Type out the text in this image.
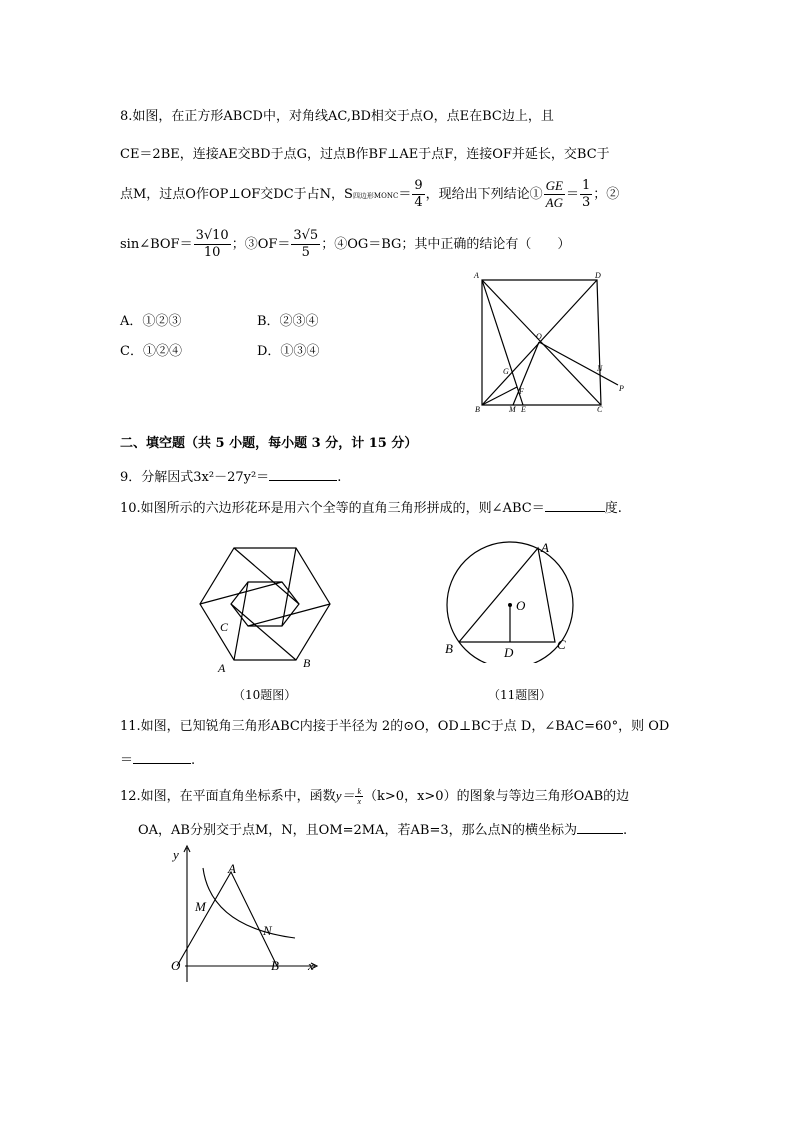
8.如图，在正方形ABCD中，对角线AC,BD相交于点O，点E在BC边上，且
CE＝2BE，连接AE交BD于点G，过点B作BF⊥AE于点F，连接OF并延长，交BC于
点M，过点O作OP⊥OF交DC于占N，S四边形MONC＝ $\frac{9}{4}$ ，现给出下列结论① $\frac{GE}{AG} = \frac{1}{3}$ ；②
sin∠BOF＝ $\frac{3√10}{10}$ ；③OF＝ $\frac{3√5}{5}$ ；④OG＝BG；其中正确的结论有（　　）
A．①②③	B．②③④
C．①②④	D．①③④
A	D
O
N
P
G
F
B	M E	C
二、填空题（共 5 小题，每小题 3 分，计 15 分）
9．分解因式3x²－27y²＝	.
10.如图所示的六边形花环是用六个全等的直角三角形拼成的，则∠ABC＝	度.
C
A	B
（10题图）
A
O
B	D
C
（11题图）
11.如图，已知锐角三角形ABC内接于半径为 2的⊙O，OD⊥BC于点 D，∠BAC=60°，则 OD
＝	.
12.如图，在平面直角坐标系中，函数$y= \frac{k}{x} (k>0$，x>0）的图象与等边三角形OAB的边
OA，AB分别交于点M，N，且OM=2MA，若AB=3，那么点N的横坐标为	.
y
A
M
N
O	B x
